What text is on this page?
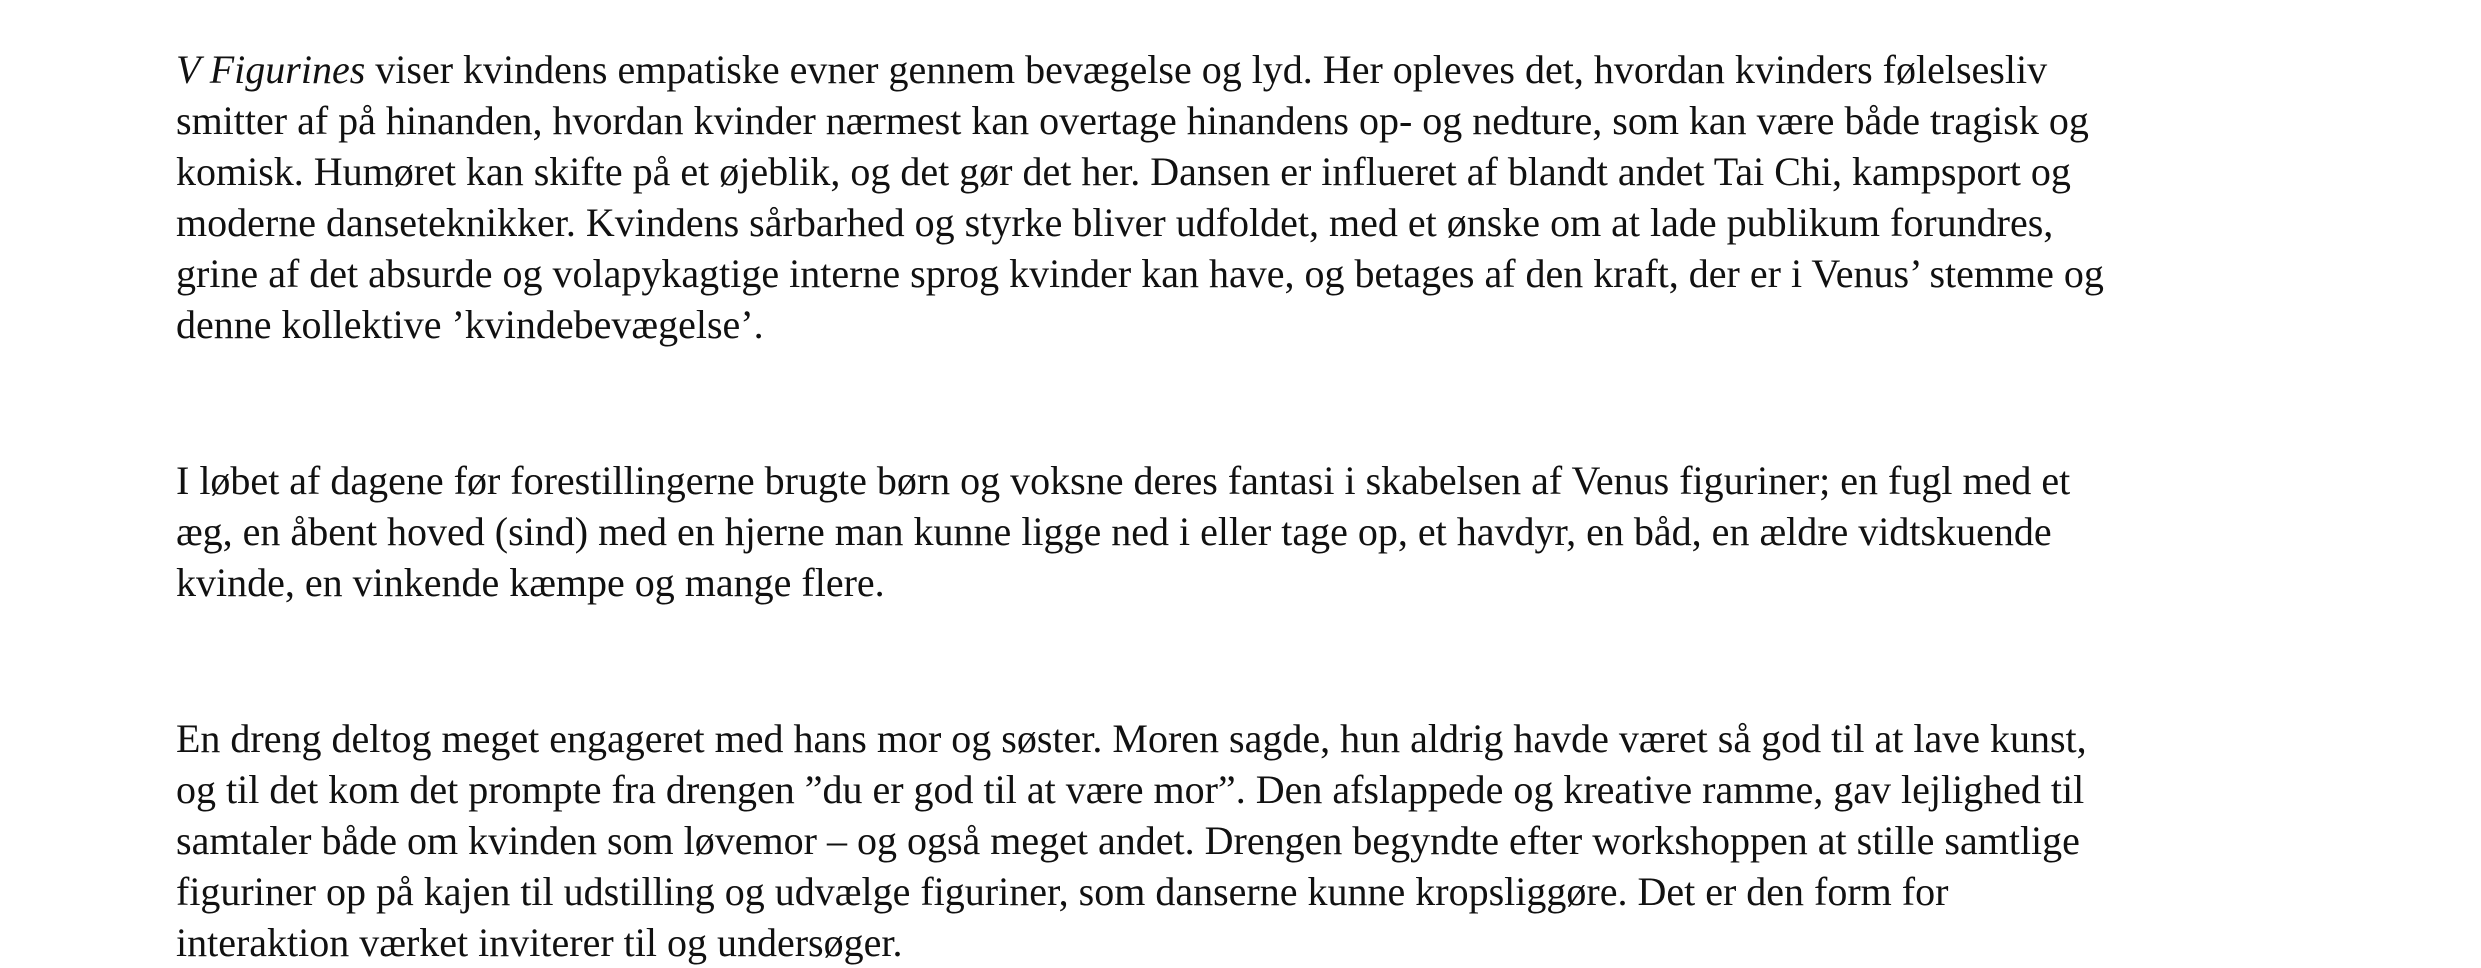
V Figurines viser kvindens empatiske evner gennem bevægelse og lyd. Her opleves det, hvordan kvinders følelsesliv
smitter af på hinanden, hvordan kvinder nærmest kan overtage hinandens op- og nedture, som kan være både tragisk og
komisk. Humøret kan skifte på et øjeblik, og det gør det her. Dansen er influeret af blandt andet Tai Chi, kampsport og
moderne danseteknikker. Kvindens sårbarhed og styrke bliver udfoldet, med et ønske om at lade publikum forundres,
grine af det absurde og volapykagtige interne sprog kvinder kan have, og betages af den kraft, der er i Venus’ stemme og
denne kollektive ’kvindebevægelse’.

I løbet af dagene før forestillingerne brugte børn og voksne deres fantasi i skabelsen af Venus figuriner; en fugl med et
æg, en åbent hoved (sind) med en hjerne man kunne ligge ned i eller tage op, et havdyr, en båd, en ældre vidtskuende
kvinde, en vinkende kæmpe og mange flere.

En dreng deltog meget engageret med hans mor og søster. Moren sagde, hun aldrig havde været så god til at lave kunst,
og til det kom det prompte fra drengen ”du er god til at være mor”. Den afslappede og kreative ramme, gav lejlighed til
samtaler både om kvinden som løvemor – og også meget andet. Drengen begyndte efter workshoppen at stille samtlige
figuriner op på kajen til udstilling og udvælge figuriner, som danserne kunne kropsliggøre. Det er den form for
interaktion værket inviterer til og undersøger.
